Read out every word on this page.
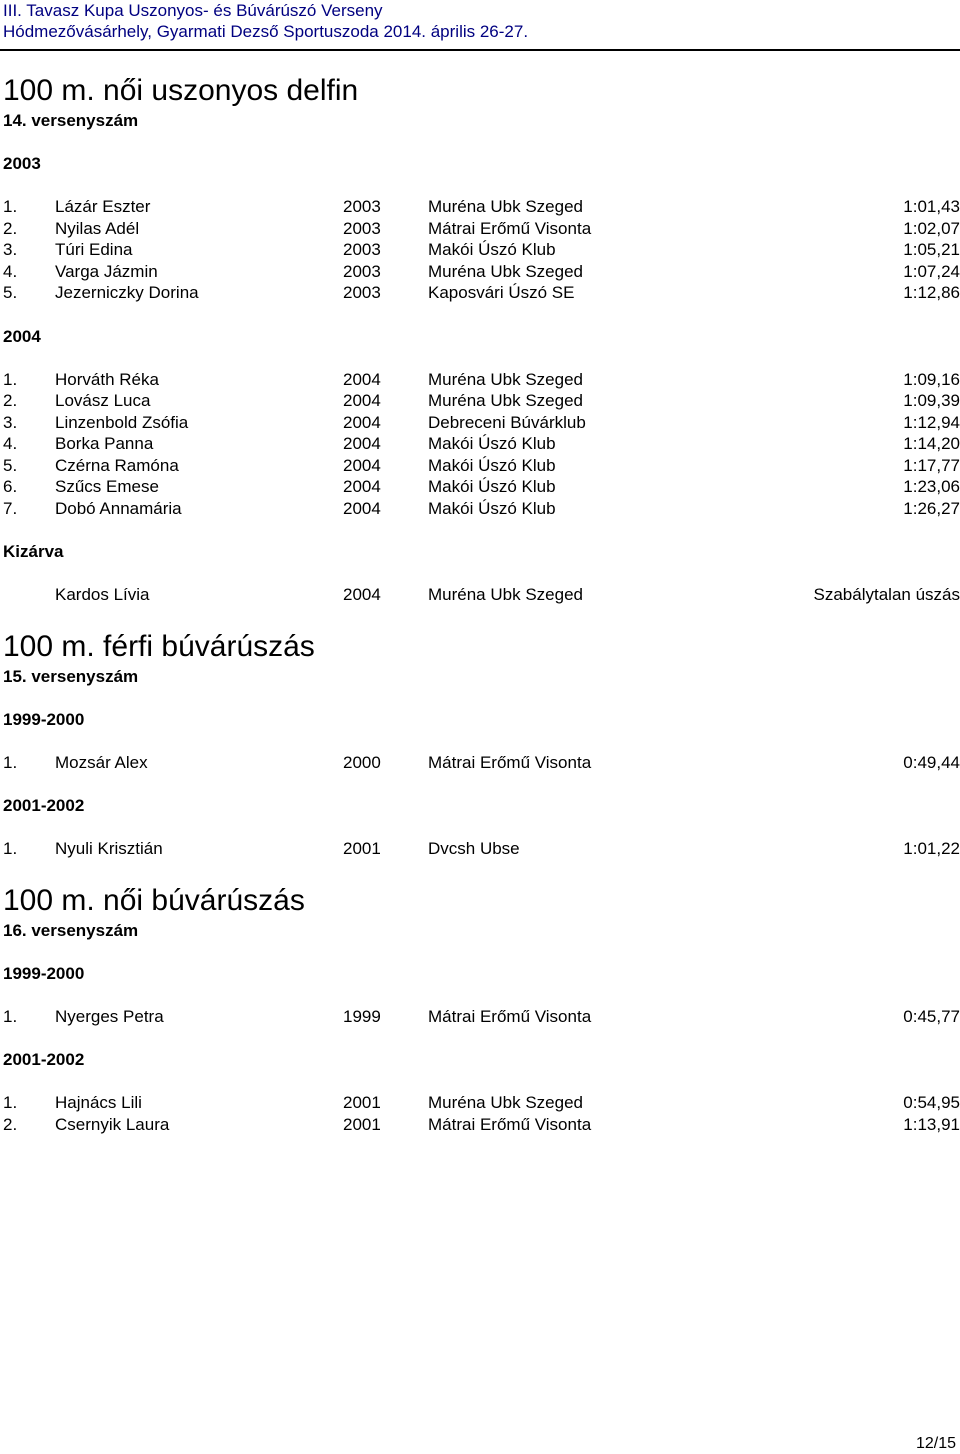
III. Tavasz Kupa Uszonyos- és Búvárúszó Verseny
Hódmezővásárhely, Gyarmati Dezső Sportuszoda 2014. április 26-27.
100 m. női uszonyos delfin
14. versenyszám
2003
1. Lázár Eszter	2003	Muréna Ubk Szeged	1:01,43
2. Nyilas Adél	2003	Mátrai Erőmű Visonta	1:02,07
3. Túri Edina	2003	Makói Úszó Klub	1:05,21
4. Varga Jázmin	2003	Muréna Ubk Szeged	1:07,24
5. Jezerniczky Dorina	2003	Kaposvári Úszó SE	1:12,86
2004
1. Horváth Réka	2004	Muréna Ubk Szeged	1:09,16
2. Lovász Luca	2004	Muréna Ubk Szeged	1:09,39
3. Linzenbold Zsófia	2004	Debreceni Búvárklub	1:12,94
4. Borka Panna	2004	Makói Úszó Klub	1:14,20
5. Czérna Ramóna	2004	Makói Úszó Klub	1:17,77
6. Szűcs Emese	2004	Makói Úszó Klub	1:23,06
7. Dobó Annamária	2004	Makói Úszó Klub	1:26,27
Kizárva
Kardos Lívia	2004	Muréna Ubk Szeged	Szabálytalan úszás
100 m. férfi búvárúszás
15. versenyszám
1999-2000
1. Mozsár Alex	2000	Mátrai Erőmű Visonta	0:49,44
2001-2002
1. Nyuli Krisztián	2001	Dvcsh Ubse	1:01,22
100 m. női búvárúszás
16. versenyszám
1999-2000
1. Nyerges Petra	1999	Mátrai Erőmű Visonta	0:45,77
2001-2002
1. Hajnács Lili	2001	Muréna Ubk Szeged	0:54,95
2. Csernyik Laura	2001	Mátrai Erőmű Visonta	1:13,91
12/15
